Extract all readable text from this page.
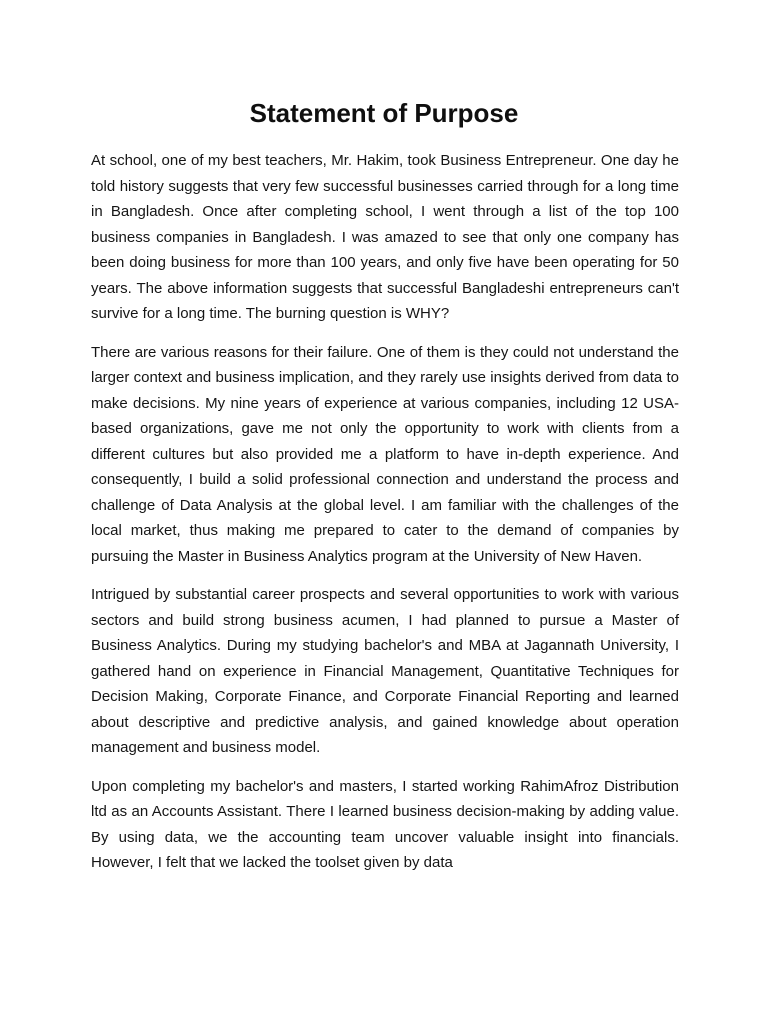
Statement of Purpose

At school, one of my best teachers, Mr. Hakim, took Business Entrepreneur. One day he told history suggests that very few successful businesses carried through for a long time in Bangladesh. Once after completing school, I went through a list of the top 100 business companies in Bangladesh. I was amazed to see that only one company has been doing business for more than 100 years, and only five have been operating for 50 years. The above information suggests that successful Bangladeshi entrepreneurs can't survive for a long time. The burning question is WHY?

There are various reasons for their failure. One of them is they could not understand the larger context and business implication, and they rarely use insights derived from data to make decisions. My nine years of experience at various companies, including 12 USA-based organizations, gave me not only the opportunity to work with clients from a different cultures but also provided me a platform to have in-depth experience. And consequently, I build a solid professional connection and understand the process and challenge of Data Analysis at the global level. I am familiar with the challenges of the local market, thus making me prepared to cater to the demand of companies by pursuing the Master in Business Analytics program at the University of New Haven.

Intrigued by substantial career prospects and several opportunities to work with various sectors and build strong business acumen, I had planned to pursue a Master of Business Analytics. During my studying bachelor's and MBA at Jagannath University, I gathered hand on experience in Financial Management, Quantitative Techniques for Decision Making, Corporate Finance, and Corporate Financial Reporting and learned about descriptive and predictive analysis, and gained knowledge about operation management and business model.

Upon completing my bachelor's and masters, I started working RahimAfroz Distribution ltd as an Accounts Assistant. There I learned business decision-making by adding value. By using data, we the accounting team uncover valuable insight into financials. However, I felt that we lacked the toolset given by data
